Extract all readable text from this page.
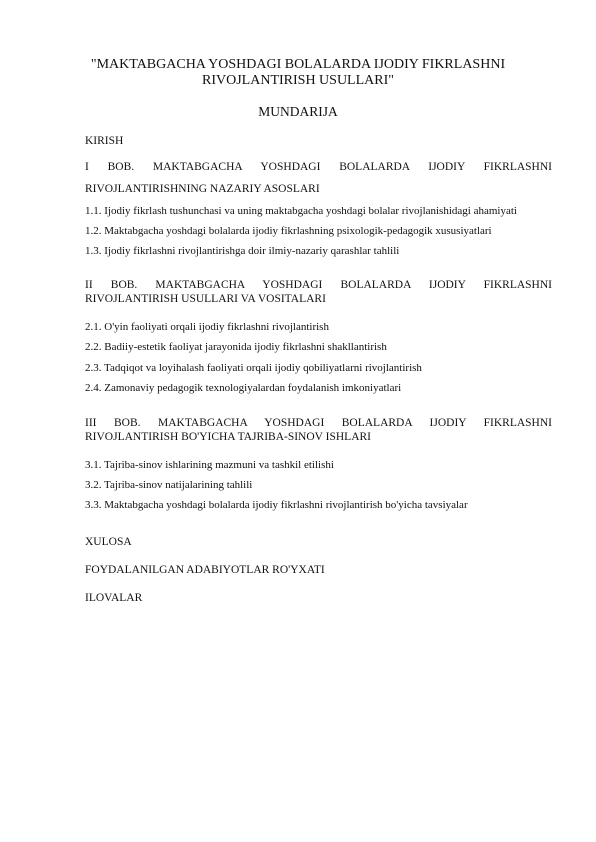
"MAKTABGACHA YOSHDAGI BOLALARDA IJODIY FIKRLASHNI
RIVOJLANTIRISH USULLARI"
MUNDARIJA
KIRISH
I BOB. MAKTABGACHA YOSHDAGI BOLALARDA IJODIY FIKRLASHNI
RIVOJLANTIRISHNING NAZARIY ASOSLARI
1.1. Ijodiy fikrlash tushunchasi va uning maktabgacha yoshdagi bolalar rivojlanishidagi ahamiyati
1.2. Maktabgacha yoshdagi bolalarda ijodiy fikrlashning psixologik-pedagogik xususiyatlari
1.3. Ijodiy fikrlashni rivojlantirishga doir ilmiy-nazariy qarashlar tahlili
II BOB. MAKTABGACHA YOSHDAGI BOLALARDA IJODIY FIKRLASHNI
RIVOJLANTIRISH USULLARI VA VOSITALARI
2.1. O'yin faoliyati orqali ijodiy fikrlashni rivojlantirish
2.2. Badiiy-estetik faoliyat jarayonida ijodiy fikrlashni shakllantirish
2.3. Tadqiqot va loyihalash faoliyati orqali ijodiy qobiliyatlarni rivojlantirish
2.4. Zamonaviy pedagogik texnologiyalardan foydalanish imkoniyatlari
III BOB. MAKTABGACHA YOSHDAGI BOLALARDA IJODIY FIKRLASHNI
RIVOJLANTIRISH BO'YICHA TAJRIBA-SINOV ISHLARI
3.1. Tajriba-sinov ishlarining mazmuni va tashkil etilishi
3.2. Tajriba-sinov natijalarining tahlili
3.3. Maktabgacha yoshdagi bolalarda ijodiy fikrlashni rivojlantirish bo'yicha tavsiyalar
XULOSA
FOYDALANILGAN ADABIYOTLAR RO'YXATI
ILOVALAR
